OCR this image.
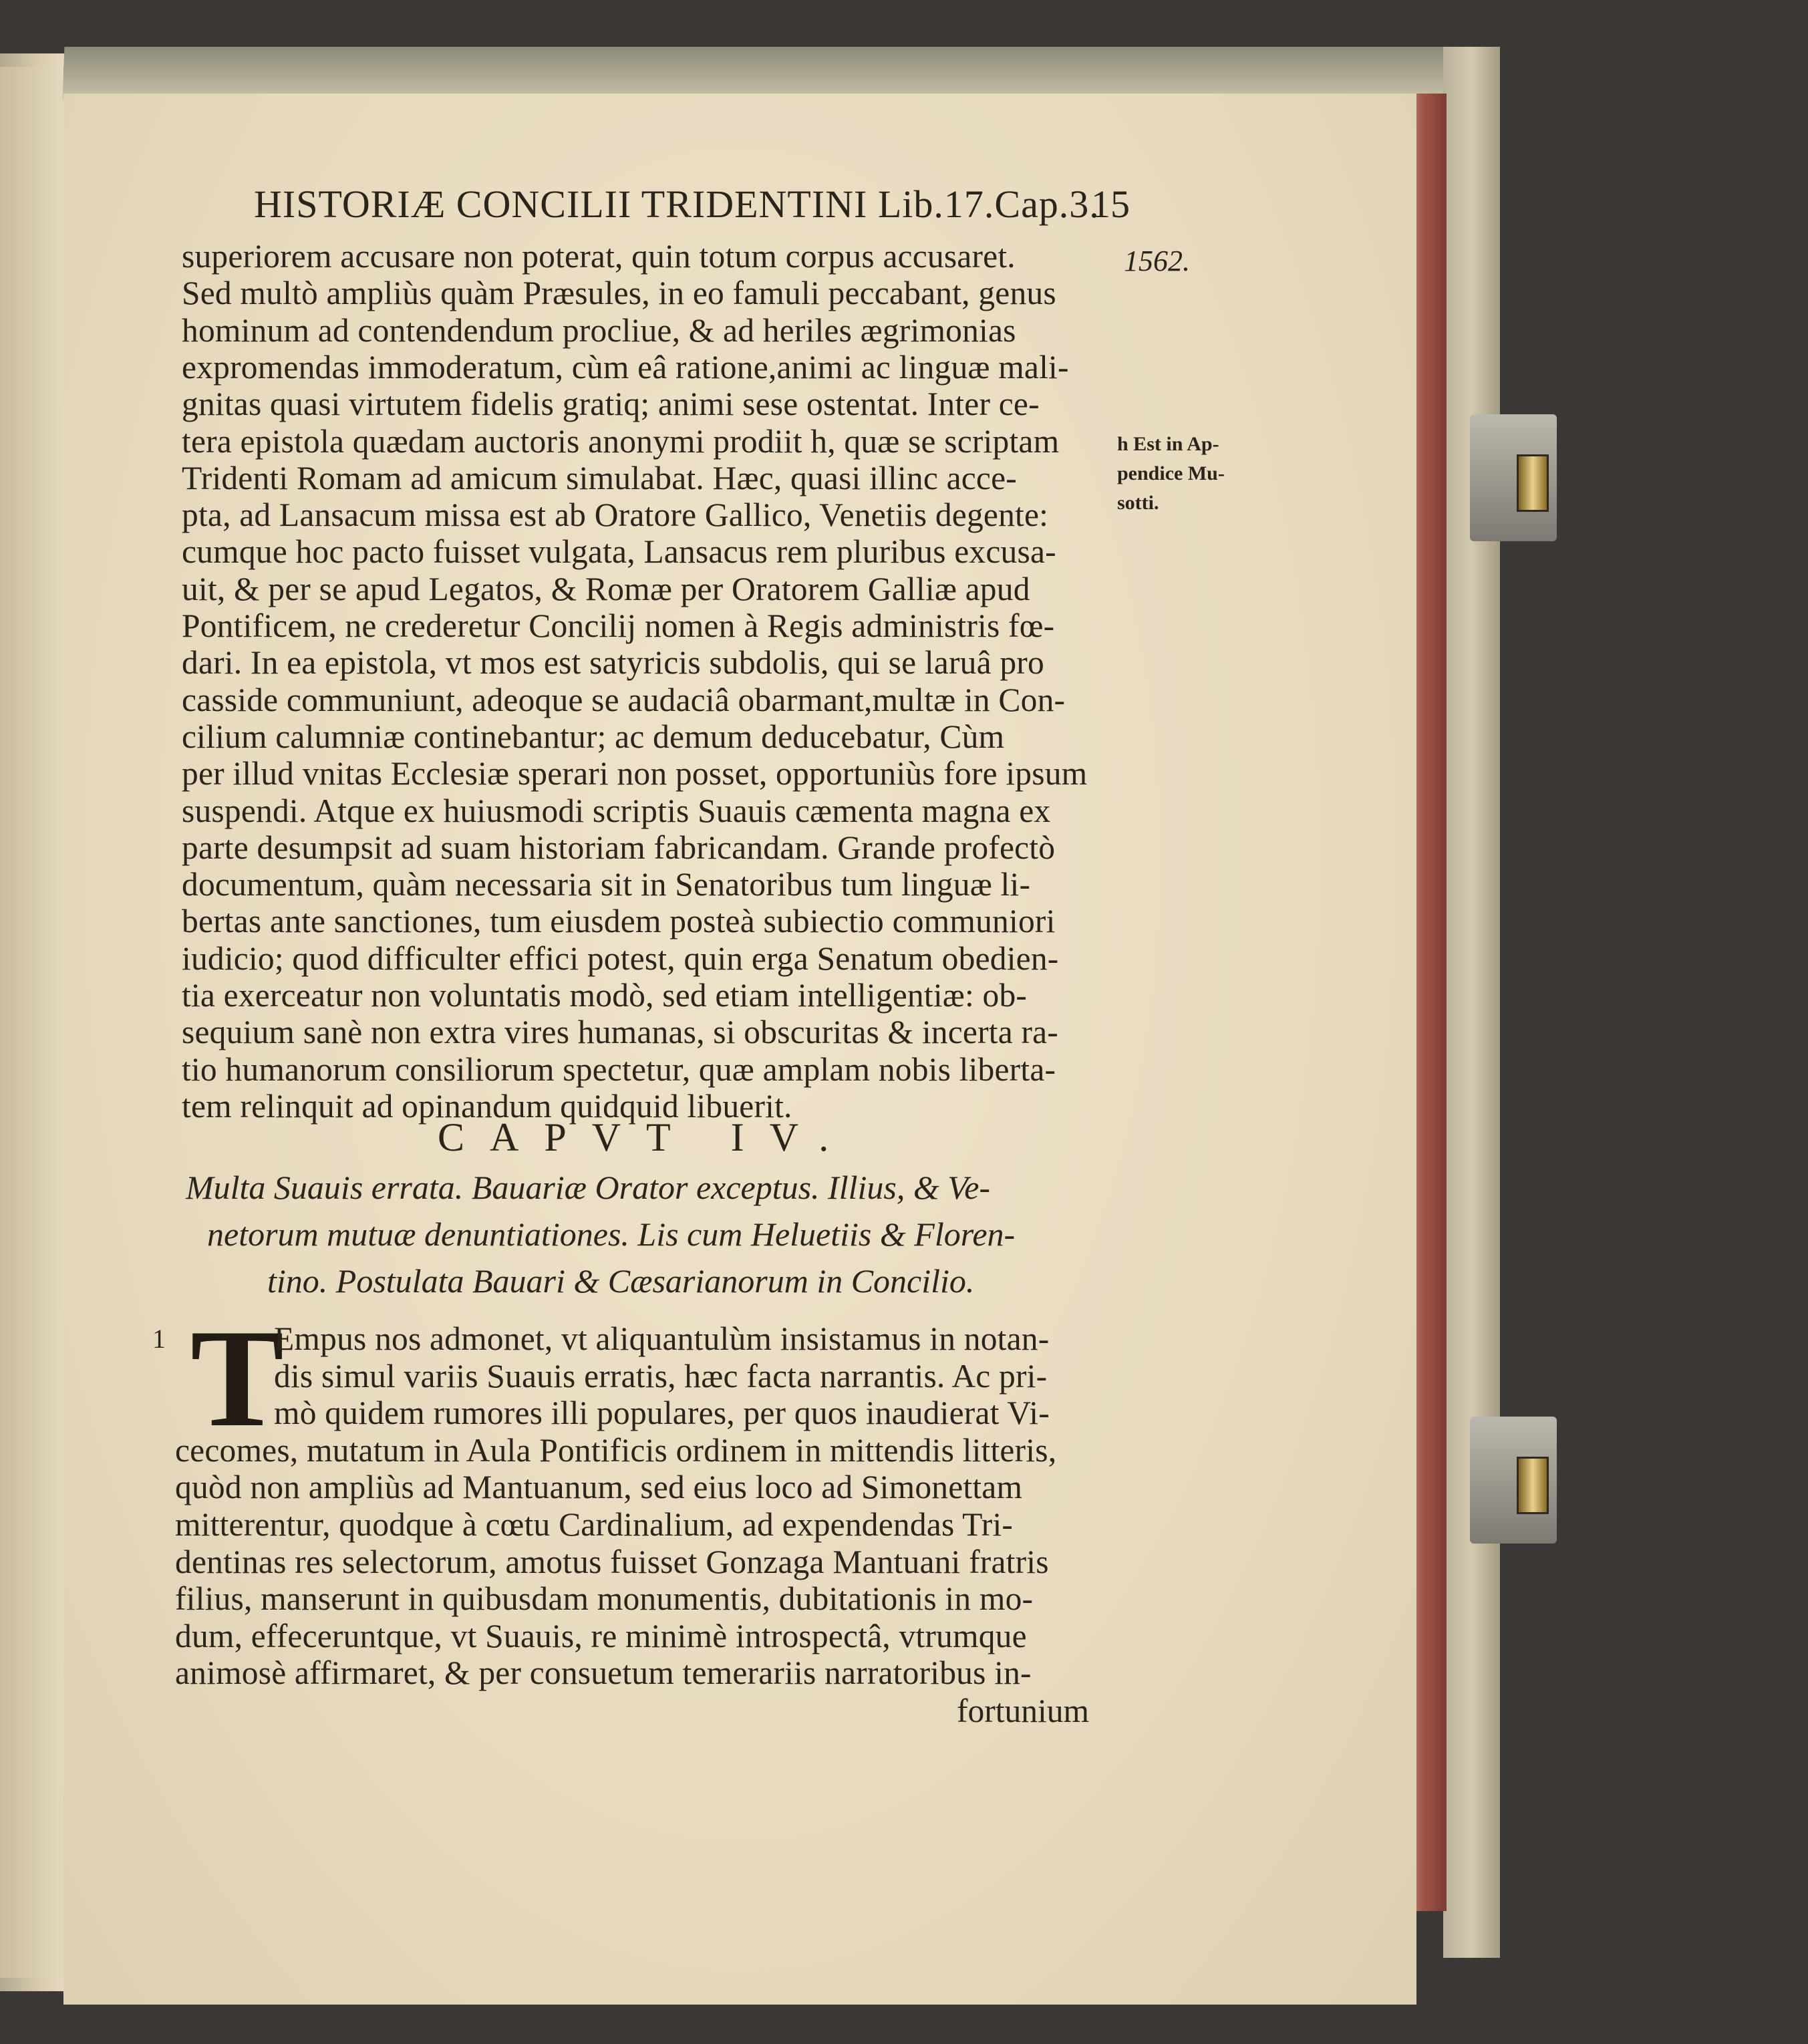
HISTORIÆ CONCILII TRIDENTINI Lib.17.Cap.3.
15
1562.
h Est in Ap-
pendice Mu-
sotti.
superiorem accusare non poterat, quin totum corpus accusaret.
Sed multò ampliùs quàm Præsules, in eo famuli peccabant, genus
hominum ad contendendum procliue, & ad heriles ægrimonias
expromendas immoderatum, cùm eâ ratione,animi ac linguæ mali-
gnitas quasi virtutem fidelis gratiq; animi sese ostentat. Inter ce-
tera epistola quædam auctoris anonymi prodiit h, quæ se scriptam
Tridenti Romam ad amicum simulabat. Hæc, quasi illinc acce-
pta, ad Lansacum missa est ab Oratore Gallico, Venetiis degente:
cumque hoc pacto fuisset vulgata, Lansacus rem pluribus excusa-
uit, & per se apud Legatos, & Romæ per Oratorem Galliæ apud
Pontificem, ne crederetur Concilij nomen à Regis administris fœ-
dari. In ea epistola, vt mos est satyricis subdolis, qui se laruâ pro
casside communiunt, adeoque se audaciâ obarmant,multæ in Con-
cilium calumniæ continebantur; ac demum deducebatur, Cùm
per illud vnitas Ecclesiæ sperari non posset, opportuniùs fore ipsum
suspendi. Atque ex huiusmodi scriptis Suauis cæmenta magna ex
parte desumpsit ad suam historiam fabricandam. Grande profectò
documentum, quàm necessaria sit in Senatoribus tum linguæ li-
bertas ante sanctiones, tum eiusdem posteà subiectio communiori
iudicio; quod difficulter effici potest, quin erga Senatum obedien-
tia exerceatur non voluntatis modò, sed etiam intelligentiæ: ob-
sequium sanè non extra vires humanas, si obscuritas & incerta ra-
tio humanorum consiliorum spectetur, quæ amplam nobis liberta-
tem relinquit ad opinandum quidquid libuerit.
CAPVT IV.
Multa Suauis errata. Bauariæ Orator exceptus. Illius, & Ve-
netorum mutuæ denuntiationes. Lis cum Heluetiis & Floren-
tino. Postulata Bauari & Cæsarianorum in Concilio.
1 T
Empus nos admonet, vt aliquantulùm insistamus in notan-
dis simul variis Suauis erratis, hæc facta narrantis. Ac pri-
mò quidem rumores illi populares, per quos inaudierat Vi-
cecomes, mutatum in Aula Pontificis ordinem in mittendis litteris,
quòd non ampliùs ad Mantuanum, sed eius loco ad Simonettam
mitterentur, quodque à cœtu Cardinalium, ad expendendas Tri-
dentinas res selectorum, amotus fuisset Gonzaga Mantuani fratris
filius, manserunt in quibusdam monumentis, dubitationis in mo-
dum, effeceruntque, vt Suauis, re minimè introspectâ, vtrumque
animosè affirmaret, & per consuetum temerariis narratoribus in-
fortunium
